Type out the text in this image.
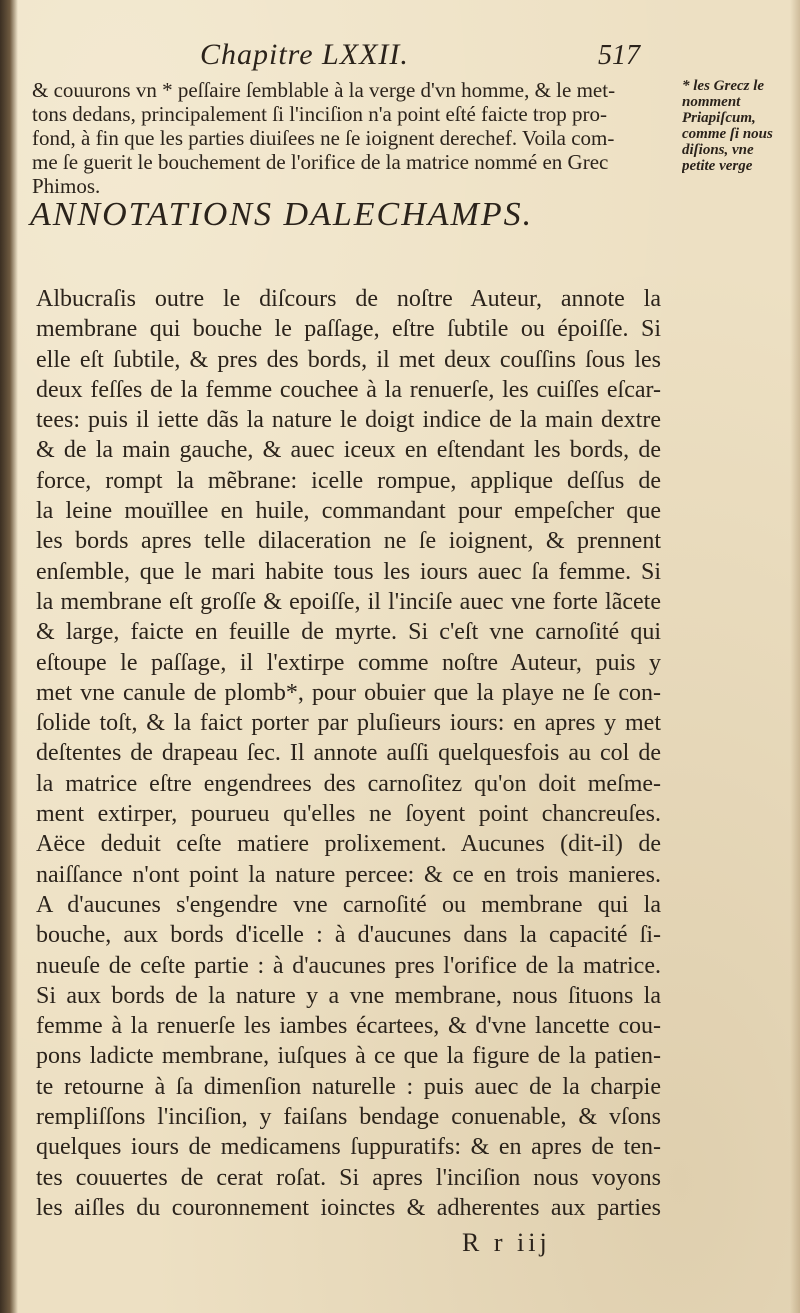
Chapitre LXXII.	517
& couurons vn * peſſaire ſemblable à la verge d'vn homme, & le met-
tons dedans, principalement ſi l'inciſion n'a point eſté faicte trop pro-
fond, à fin que les parties diuiſees ne ſe ioignent derechef. Voila com-
me ſe guerit le bouchement de l'orifice de la matrice nommé en Grec
Phimos.
* les Grecz le
nomment
Priapiſcum,
comme ſi nous
diſions, vne
petite verge
ANNOTATIONS DALECHAMPS.
Albucraſis outre le diſcours de noſtre Auteur, annote la
membrane qui bouche le paſſage, eſtre ſubtile ou époiſſe. Si
elle eſt ſubtile, & pres des bords, il met deux couſſins ſous les
deux feſſes de la femme couchee à la renuerſe, les cuiſſes eſcar-
tees: puis il iette dãs la nature le doigt indice de la main dextre
& de la main gauche, & auec iceux en eſtendant les bords, de
force, rompt la mẽbrane: icelle rompue, applique deſſus de
la leine mouïllee en huile, commandant pour empeſcher que
les bords apres telle dilaceration ne ſe ioignent, & prennent
enſemble, que le mari habite tous les iours auec ſa femme. Si
la membrane eſt groſſe & epoiſſe, il l'inciſe auec vne forte lãcete
& large, faicte en feuille de myrte. Si c'eſt vne carnoſité qui
eſtoupe le paſſage, il l'extirpe comme noſtre Auteur, puis y
met vne canule de plomb*, pour obuier que la playe ne ſe con-
ſolide toſt, & la faict porter par pluſieurs iours: en apres y met
deſtentes de drapeau ſec. Il annote auſſi quelquesfois au col de
la matrice eſtre engendrees des carnoſitez qu'on doit meſme-
ment extirper, pourueu qu'elles ne ſoyent point chancreuſes.
Aëce deduit ceſte matiere prolixement. Aucunes (dit-il) de
naiſſance n'ont point la nature percee: & ce en trois manieres.
A d'aucunes s'engendre vne carnoſité ou membrane qui la
bouche, aux bords d'icelle : à d'aucunes dans la capacité ſi-
nueuſe de ceſte partie : à d'aucunes pres l'orifice de la matrice.
Si aux bords de la nature y a vne membrane, nous ſituons la
femme à la renuerſe les iambes écartees, & d'vne lancette cou-
pons ladicte membrane, iuſques à ce que la figure de la patien-
te retourne à ſa dimenſion naturelle : puis auec de la charpie
rempliſſons l'inciſion, y faiſans bendage conuenable, & vſons
quelques iours de medicamens ſuppuratifs: & en apres de ten-
tes couuertes de cerat roſat. Si apres l'inciſion nous voyons
les aiſles du couronnement ioinctes & adherentes aux parties
R r iij
